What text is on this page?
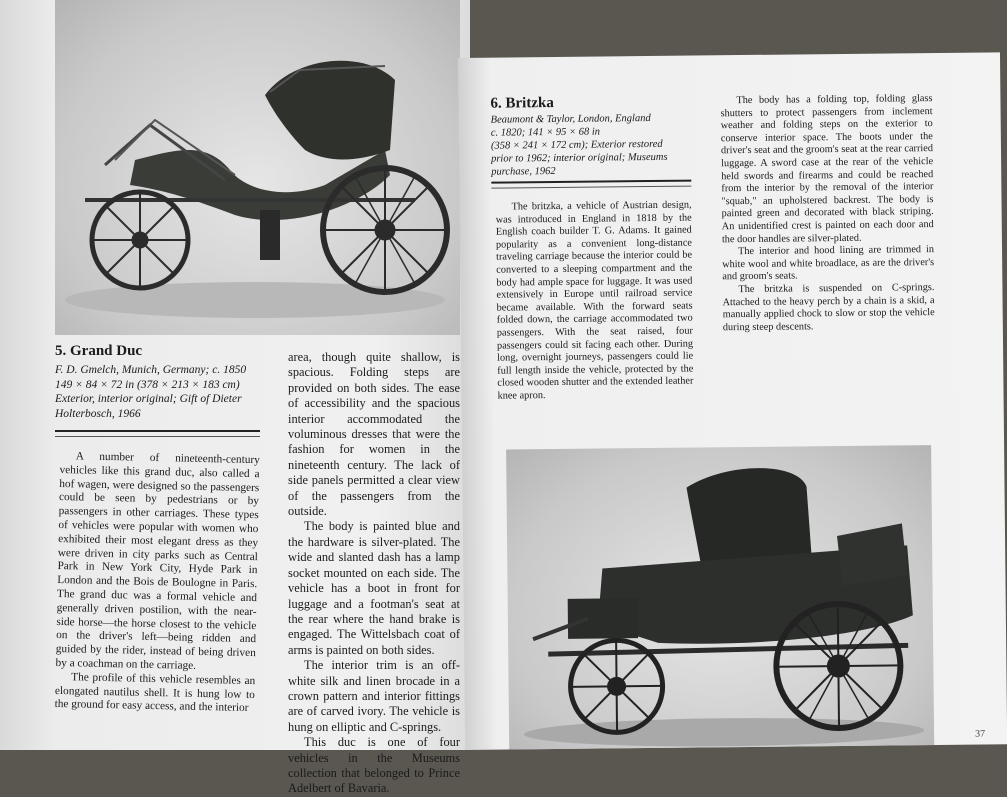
5. Grand Duc
F. D. Gmelch, Munich, Germany; c. 1850
149 × 84 × 72 in (378 × 213 × 183 cm)
Exterior, interior original; Gift of Dieter
Holterbosch, 1966

A number of nineteenth-century vehicles like this grand duc, also called a hof wagen, were designed so the passengers could be seen by pedestrians or by passengers in other carriages. These types of vehicles were popular with women who exhibited their most elegant dress as they were driven in city parks such as Central Park in New York City, Hyde Park in London and the Bois de Boulogne in Paris. The grand duc was a formal vehicle and generally driven postilion, with the near-side horse—the horse closest to the vehicle on the driver's left—being ridden and guided by the rider, instead of being driven by a coachman on the carriage.

The profile of this vehicle resembles an elongated nautilus shell. It is hung low to the ground for easy access, and the interior

area, though quite shallow, is spacious. Folding steps are provided on both sides. The ease of accessibility and the spacious interior accommodated the voluminous dresses that were the fashion for women in the nineteenth century. The lack of side panels permitted a clear view of the passengers from the outside.

The body is painted blue and the hardware is silver-plated. The wide and slanted dash has a lamp socket mounted on each side. The vehicle has a boot in front for luggage and a footman's seat at the rear where the hand brake is engaged. The Wittelsbach coat of arms is painted on both sides.

The interior trim is an off-white silk and linen brocade in a crown pattern and interior fittings are of carved ivory. The vehicle is hung on elliptic and C-springs.

This duc is one of four vehicles in the Museums collection that belonged to Prince Adelbert of Bavaria.

6. Britzka
Beaumont & Taylor, London, England
c. 1820; 141 × 95 × 68 in
(358 × 241 × 172 cm); Exterior restored
prior to 1962; interior original; Museums
purchase, 1962

The britzka, a vehicle of Austrian design, was introduced in England in 1818 by the English coach builder T. G. Adams. It gained popularity as a convenient long-distance traveling carriage because the interior could be converted to a sleeping compartment and the body had ample space for luggage. It was used extensively in Europe until railroad service became available. With the forward seats folded down, the carriage accommodated two passengers. With the seat raised, four passengers could sit facing each other. During long, overnight journeys, passengers could lie full length inside the vehicle, protected by the closed wooden shutter and the extended leather knee apron.

The body has a folding top, folding glass shutters to protect passengers from inclement weather and folding steps on the exterior to conserve interior space. The boots under the driver's seat and the groom's seat at the rear carried luggage. A sword case at the rear of the vehicle held swords and firearms and could be reached from the interior by the removal of the interior "squab," an upholstered backrest. The body is painted green and decorated with black striping. An unidentified crest is painted on each door and the door handles are silver-plated.

The interior and hood lining are trimmed in white wool and white broadlace, as are the driver's and groom's seats.

The britzka is suspended on C-springs. Attached to the heavy perch by a chain is a skid, a manually applied chock to slow or stop the vehicle during steep descents.

37
